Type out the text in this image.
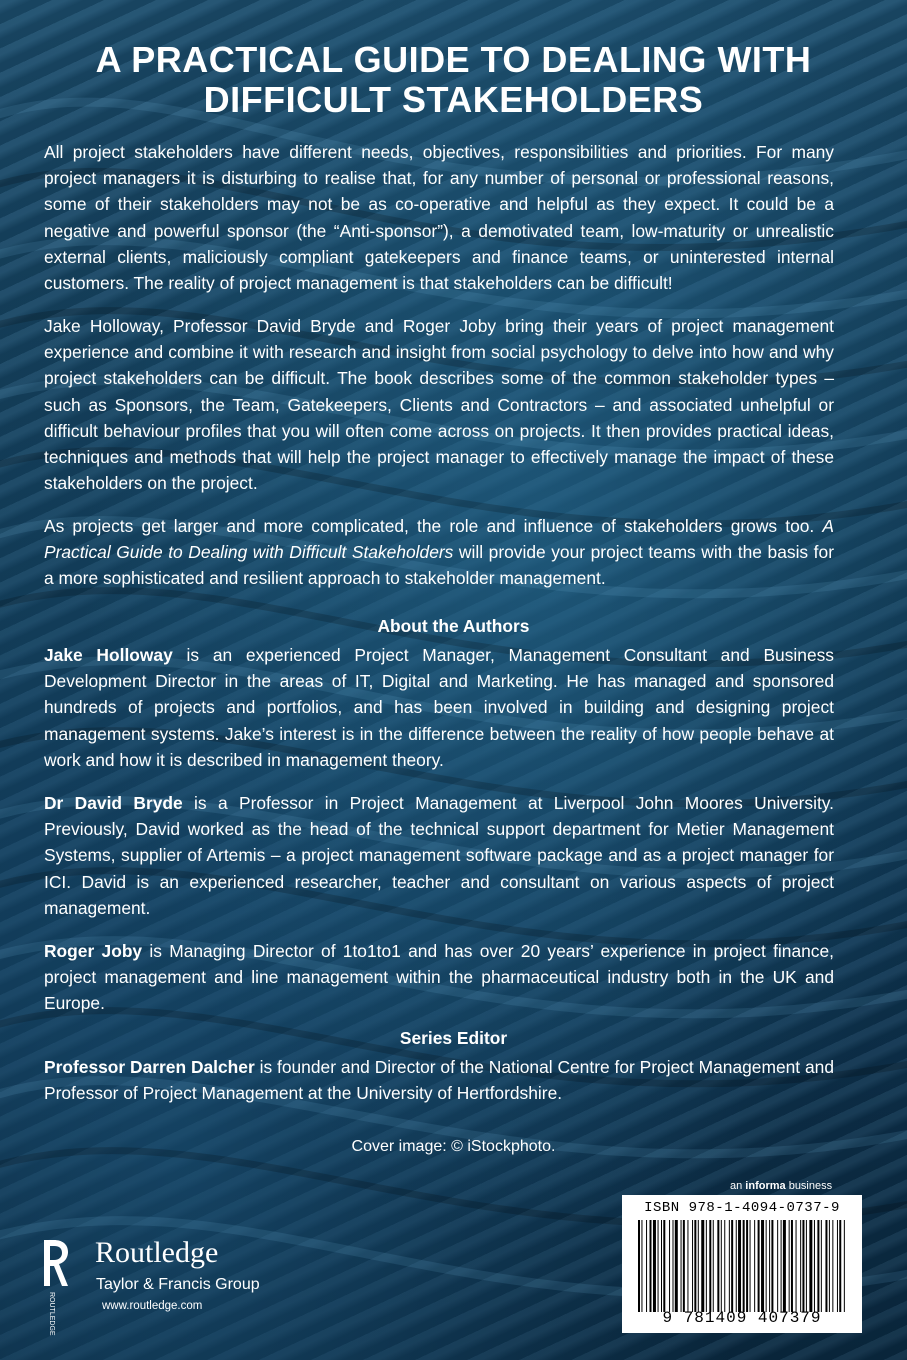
A PRACTICAL GUIDE TO DEALING WITH
DIFFICULT STAKEHOLDERS
All project stakeholders have different needs, objectives, responsibilities and priorities. For many project managers it is disturbing to realise that, for any number of personal or professional reasons, some of their stakeholders may not be as co-operative and helpful as they expect. It could be a negative and powerful sponsor (the “Anti-sponsor”), a demotivated team, low-maturity or unrealistic external clients, maliciously compliant gatekeepers and finance teams, or uninterested internal customers. The reality of project management is that stakeholders can be difficult!
Jake Holloway, Professor David Bryde and Roger Joby bring their years of project management experience and combine it with research and insight from social psychology to delve into how and why project stakeholders can be difficult. The book describes some of the common stakeholder types – such as Sponsors, the Team, Gatekeepers, Clients and Contractors – and associated unhelpful or difficult behaviour profiles that you will often come across on projects. It then provides practical ideas, techniques and methods that will help the project manager to effectively manage the impact of these stakeholders on the project.
As projects get larger and more complicated, the role and influence of stakeholders grows too. A Practical Guide to Dealing with Difficult Stakeholders will provide your project teams with the basis for a more sophisticated and resilient approach to stakeholder management.
About the Authors
Jake Holloway is an experienced Project Manager, Management Consultant and Business Development Director in the areas of IT, Digital and Marketing. He has managed and sponsored hundreds of projects and portfolios, and has been involved in building and designing project management systems. Jake’s interest is in the difference between the reality of how people behave at work and how it is described in management theory.
Dr David Bryde is a Professor in Project Management at Liverpool John Moores University. Previously, David worked as the head of the technical support department for Metier Management Systems, supplier of Artemis – a project management software package and as a project manager for ICI. David is an experienced researcher, teacher and consultant on various aspects of project management.
Roger Joby is Managing Director of 1to1to1 and has over 20 years’ experience in project finance, project management and line management within the pharmaceutical industry both in the UK and Europe.
Series Editor
Professor Darren Dalcher is founder and Director of the National Centre for Project Management and Professor of Project Management at the University of Hertfordshire.
Cover image: © iStockphoto.
an informa business
ISBN 978-1-4094-0737-9
9 781409 407379
ROUTLEDGE
Routledge
Taylor & Francis Group
www.routledge.com
